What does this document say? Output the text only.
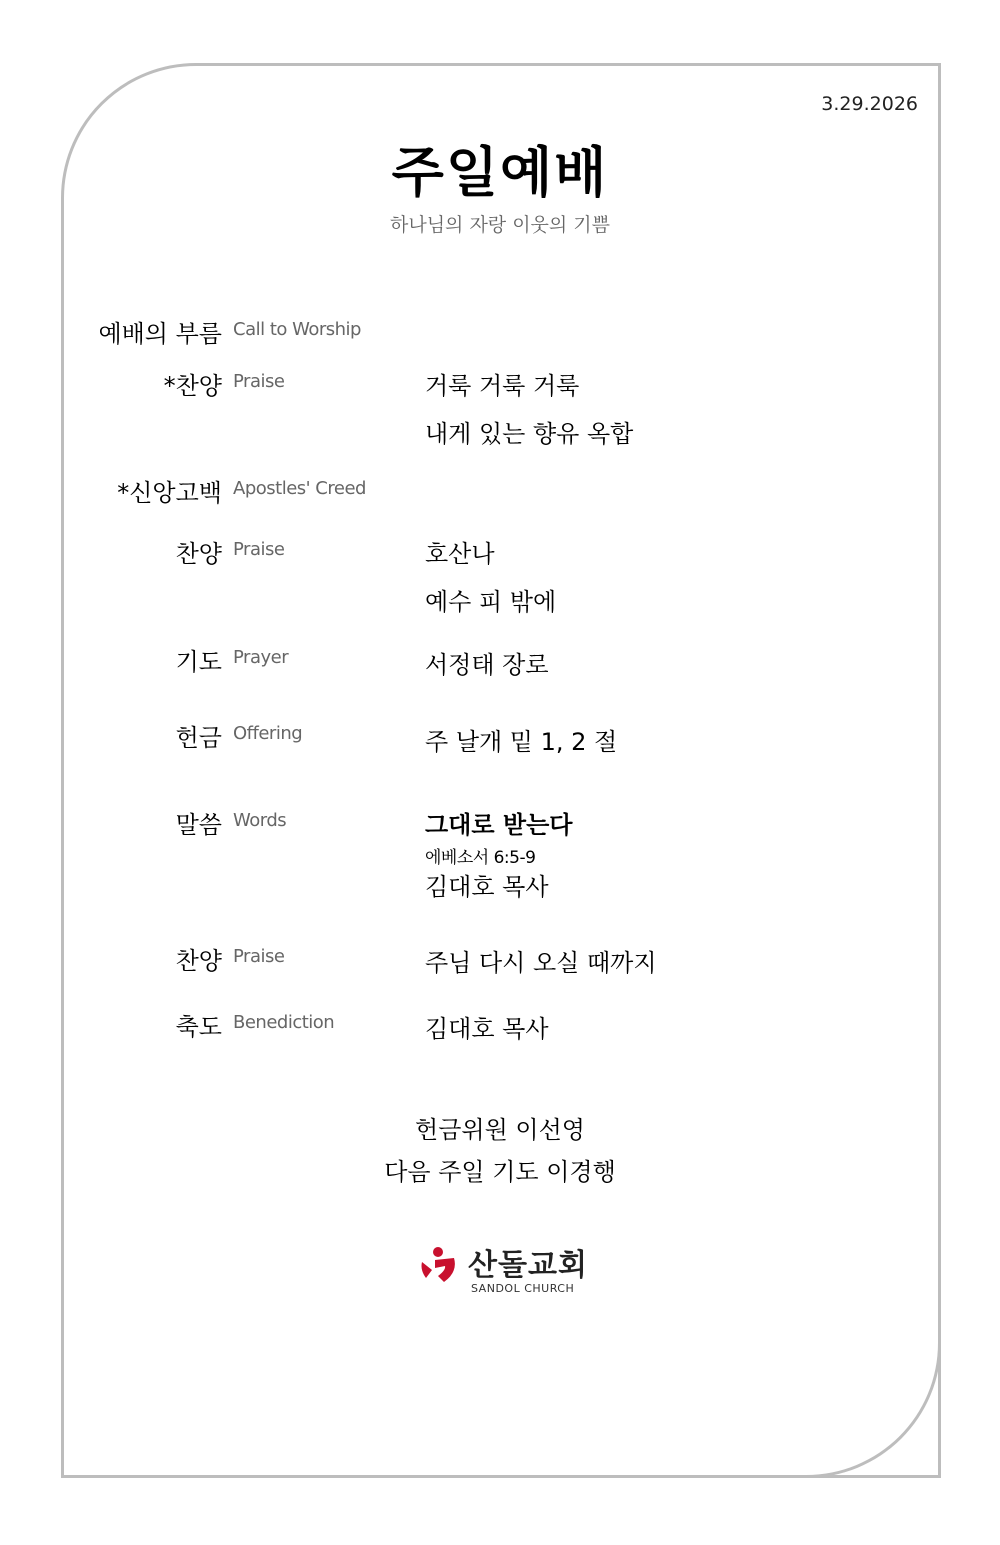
3.29.2026
주일예배
하나님의 자랑 이웃의 기쁨
예배의 부름 Call to Worship
*찬양 Praise	거룩 거룩 거룩
내게 있는 향유 옥합
*신앙고백 Apostles' Creed
찬양 Praise	호산나
예수 피 밖에
기도 Prayer	서정태 장로
헌금 Offering	주 날개 밑 1, 2 절
말씀 Words	그대로 받는다
에베소서 6:5-9
김대호 목사
찬양 Praise	주님 다시 오실 때까지
축도 Benediction	김대호 목사
헌금위원 이선영
다음 주일 기도 이경행
산돌교회
SANDOL CHURCH
